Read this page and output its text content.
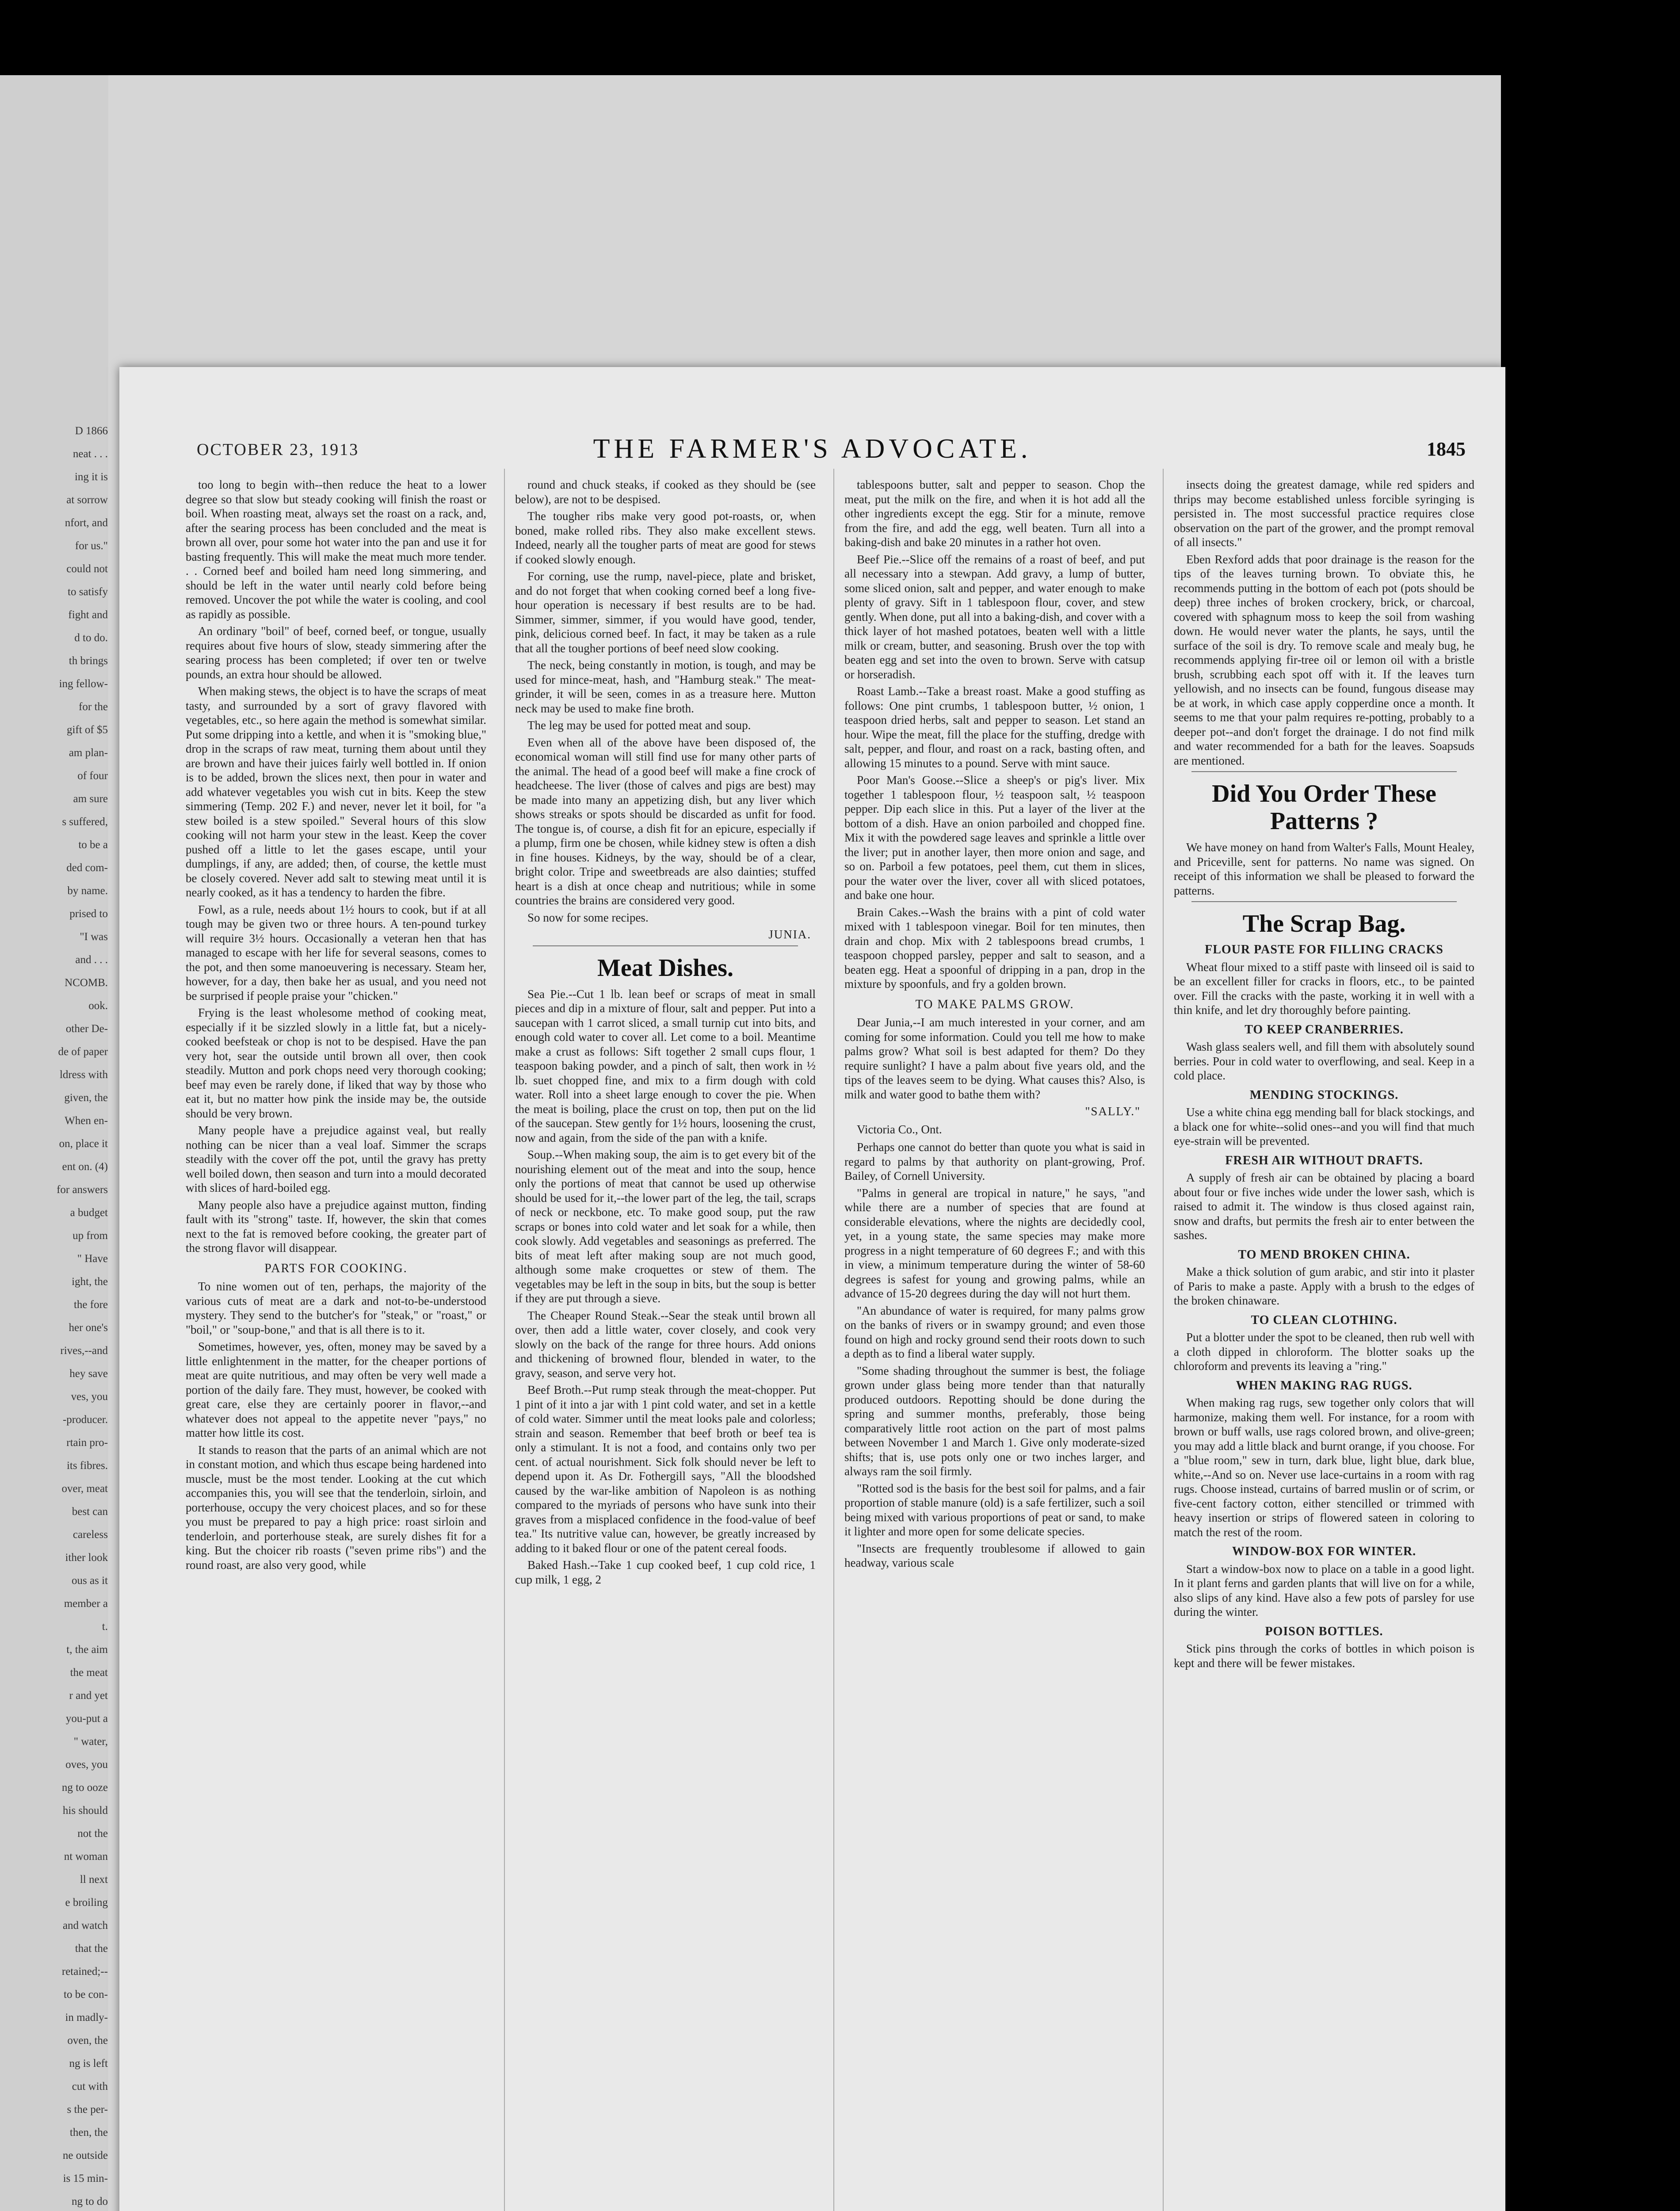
D 1866
neat . . .
ing it is
at sorrow
nfort, and
for us."
could not
to satisfy
fight and
d to do.
th brings
ing fellow-
for the
gift of $5
am plan-
of four
am sure
s suffered,
to be a
ded com-
by name.
prised to
"I was
and . . .
NCOMB.
ook.
other De-
de of paper
ldress with
given, the
When en-
on, place it
ent on. (4)
for answers
a budget
up from
" Have
ight, the
the fore
her one's
rives,--and
hey save
ves, you
-producer.
rtain pro-
its fibres.
over, meat
best can
careless
ither look
ous as it
member a
t.
t, the aim
the meat
r and yet
you-put a
" water,
oves, you
ng to ooze
his should
not the
nt woman
ll next
e broiling
and watch
that the
retained;--
to be con-
in madly-
oven, the
ng is left
cut with
s the per-
then, the
ne outside
is 15 min-
ng to do
THE FARMER'S ADVOCATE.
OCTOBER 23, 1913	1845

too long to begin with--then reduce the heat to a lower degree so that slow but steady cooking will finish the roast or boil. When roasting meat, always set the roast on a rack, and, after the searing process has been concluded and the meat is brown all over, pour some hot water into the pan and use it for basting frequently. This will make the meat much more tender. . . Corned beef and boiled ham need long simmering, and should be left in the water until nearly cold before being removed. Uncover the pot while the water is cooling, and cool as rapidly as possible.

An ordinary "boil" of beef, corned beef, or tongue, usually requires about five hours of slow, steady simmering after the searing process has been completed; if over ten or twelve pounds, an extra hour should be allowed.

When making stews, the object is to have the scraps of meat tasty, and surrounded by a sort of gravy flavored with vegetables, etc., so here again the method is somewhat similar. Put some dripping into a kettle, and when it is "smoking blue," drop in the scraps of raw meat, turning them about until they are brown and have their juices fairly well bottled in. If onion is to be added, brown the slices next, then pour in water and add whatever vegetables you wish cut in bits. Keep the stew simmering (Temp. 202 F.) and never, never let it boil, for "a stew boiled is a stew spoiled." Several hours of this slow cooking will not harm your stew in the least. Keep the cover pushed off a little to let the gases escape, until your dumplings, if any, are added; then, of course, the kettle must be closely covered. Never add salt to stewing meat until it is nearly cooked, as it has a tendency to harden the fibre.

Fowl, as a rule, needs about 1½ hours to cook, but if at all tough may be given two or three hours. A ten-pound turkey will require 3½ hours. Occasionally a veteran hen that has managed to escape with her life for several seasons, comes to the pot, and then some manoeuvering is necessary. Steam her, however, for a day, then bake her as usual, and you need not be surprised if people praise your "chicken."

Frying is the least wholesome method of cooking meat, especially if it be sizzled slowly in a little fat, but a nicely-cooked beefsteak or chop is not to be despised. Have the pan very hot, sear the outside until brown all over, then cook steadily. Mutton and pork chops need very thorough cooking; beef may even be rarely done, if liked that way by those who eat it, but no matter how pink the inside may be, the outside should be very brown.

Many people have a prejudice against veal, but really nothing can be nicer than a veal loaf. Simmer the scraps steadily with the cover off the pot, until the gravy has pretty well boiled down, then season and turn into a mould decorated with slices of hard-boiled egg.

Many people also have a prejudice against mutton, finding fault with its "strong" taste. If, however, the skin that comes next to the fat is removed before cooking, the greater part of the strong flavor will disappear.

PARTS FOR COOKING.

To nine women out of ten, perhaps, the majority of the various cuts of meat are a dark and not-to-be-understood mystery. They send to the butcher's for "steak," or "roast," or "boil," or "soup-bone," and that is all there is to it.

Sometimes, however, yes, often, money may be saved by a little enlightenment in the matter, for the cheaper portions of meat are quite nutritious, and may often be very well made a portion of the daily fare. They must, however, be cooked with great care, else they are certainly poorer in flavor,--and whatever does not appeal to the appetite never "pays," no matter how little its cost.

It stands to reason that the parts of an animal which are not in constant motion, and which thus escape being hardened into muscle, must be the most tender. Looking at the cut which accompanies this, you will see that the tenderloin, sirloin, and porterhouse, occupy the very choicest places, and so for these you must be prepared to pay a high price: roast sirloin and tenderloin, and porterhouse steak, are surely dishes fit for a king. But the choicer rib roasts ("seven prime ribs") and the round roast, are also very good, while

round and chuck steaks, if cooked as they should be (see below), are not to be despised.

The tougher ribs make very good pot-roasts, or, when boned, make rolled ribs. They also make excellent stews. Indeed, nearly all the tougher parts of meat are good for stews if cooked slowly enough.

For corning, use the rump, navel-piece, plate and brisket, and do not forget that when cooking corned beef a long five-hour operation is necessary if best results are to be had. Simmer, simmer, simmer, if you would have good, tender, pink, delicious corned beef. In fact, it may be taken as a rule that all the tougher portions of beef need slow cooking.

The neck, being constantly in motion, is tough, and may be used for mince-meat, hash, and "Hamburg steak." The meat-grinder, it will be seen, comes in as a treasure here. Mutton neck may be used to make fine broth.

The leg may be used for potted meat and soup.

Even when all of the above have been disposed of, the economical woman will still find use for many other parts of the animal. The head of a good beef will make a fine crock of headcheese. The liver (those of calves and pigs are best) may be made into many an appetizing dish, but any liver which shows streaks or spots should be discarded as unfit for food. The tongue is, of course, a dish fit for an epicure, especially if a plump, firm one be chosen, while kidney stew is often a dish in fine houses. Kidneys, by the way, should be of a clear, bright color. Tripe and sweetbreads are also dainties; stuffed heart is a dish at once cheap and nutritious; while in some countries the brains are considered very good.

So now for some recipes.

JUNIA.
Meat Dishes.

Sea Pie.--Cut 1 lb. lean beef or scraps of meat in small pieces and dip in a mixture of flour, salt and pepper. Put into a saucepan with 1 carrot sliced, a small turnip cut into bits, and enough cold water to cover all. Let come to a boil. Meantime make a crust as follows: Sift together 2 small cups flour, 1 teaspoon baking powder, and a pinch of salt, then work in ½ lb. suet chopped fine, and mix to a firm dough with cold water. Roll into a sheet large enough to cover the pie. When the meat is boiling, place the crust on top, then put on the lid of the saucepan. Stew gently for 1½ hours, loosening the crust, now and again, from the side of the pan with a knife.

Soup.--When making soup, the aim is to get every bit of the nourishing element out of the meat and into the soup, hence only the portions of meat that cannot be used up otherwise should be used for it,--the lower part of the leg, the tail, scraps of neck or neckbone, etc. To make good soup, put the raw scraps or bones into cold water and let soak for a while, then cook slowly. Add vegetables and seasonings as preferred. The bits of meat left after making soup are not much good, although some make croquettes or stew of them. The vegetables may be left in the soup in bits, but the soup is better if they are put through a sieve.

The Cheaper Round Steak.--Sear the steak until brown all over, then add a little water, cover closely, and cook very slowly on the back of the range for three hours. Add onions and thickening of browned flour, blended in water, to the gravy, season, and serve very hot.

Beef Broth.--Put rump steak through the meat-chopper. Put 1 pint of it into a jar with 1 pint cold water, and set in a kettle of cold water. Simmer until the meat looks pale and colorless; strain and season. Remember that beef broth or beef tea is only a stimulant. It is not a food, and contains only two per cent. of actual nourishment. Sick folk should never be left to depend upon it. As Dr. Fothergill says, "All the bloodshed caused by the war-like ambition of Napoleon is as nothing compared to the myriads of persons who have sunk into their graves from a misplaced confidence in the food-value of beef tea." Its nutritive value can, however, be greatly increased by adding to it baked flour or one of the patent cereal foods.

Baked Hash.--Take 1 cup cooked beef, 1 cup cold rice, 1 cup milk, 1 egg, 2

tablespoons butter, salt and pepper to season. Chop the meat, put the milk on the fire, and when it is hot add all the other ingredients except the egg. Stir for a minute, remove from the fire, and add the egg, well beaten. Turn all into a baking-dish and bake 20 minutes in a rather hot oven.

Beef Pie.--Slice off the remains of a roast of beef, and put all necessary into a stewpan. Add gravy, a lump of butter, some sliced onion, salt and pepper, and water enough to make plenty of gravy. Sift in 1 tablespoon flour, cover, and stew gently. When done, put all into a baking-dish, and cover with a thick layer of hot mashed potatoes, beaten well with a little milk or cream, butter, and seasoning. Brush over the top with beaten egg and set into the oven to brown. Serve with catsup or horseradish.

Roast Lamb.--Take a breast roast. Make a good stuffing as follows: One pint crumbs, 1 tablespoon butter, ½ onion, 1 teaspoon dried herbs, salt and pepper to season. Let stand an hour. Wipe the meat, fill the place for the stuffing, dredge with salt, pepper, and flour, and roast on a rack, basting often, and allowing 15 minutes to a pound. Serve with mint sauce.

Poor Man's Goose.--Slice a sheep's or pig's liver. Mix together 1 tablespoon flour, ½ teaspoon salt, ½ teaspoon pepper. Dip each slice in this. Put a layer of the liver at the bottom of a dish. Have an onion parboiled and chopped fine. Mix it with the powdered sage leaves and sprinkle a little over the liver; put in another layer, then more onion and sage, and so on. Parboil a few potatoes, peel them, cut them in slices, pour the water over the liver, cover all with sliced potatoes, and bake one hour.

Brain Cakes.--Wash the brains with a pint of cold water mixed with 1 tablespoon vinegar. Boil for ten minutes, then drain and chop. Mix with 2 tablespoons bread crumbs, 1 teaspoon chopped parsley, pepper and salt to season, and a beaten egg. Heat a spoonful of dripping in a pan, drop in the mixture by spoonfuls, and fry a golden brown.

TO MAKE PALMS GROW.

Dear Junia,--I am much interested in your corner, and am coming for some information. Could you tell me how to make palms grow? What soil is best adapted for them? Do they require sunlight? I have a palm about five years old, and the tips of the leaves seem to be dying. What causes this? Also, is milk and water good to bathe them with?

"SALLY."

Victoria Co., Ont.

Perhaps one cannot do better than quote you what is said in regard to palms by that authority on plant-growing, Prof. Bailey, of Cornell University.

"Palms in general are tropical in nature," he says, "and while there are a number of species that are found at considerable elevations, where the nights are decidedly cool, yet, in a young state, the same species may make more progress in a night temperature of 60 degrees F.; and with this in view, a minimum temperature during the winter of 58-60 degrees is safest for young and growing palms, while an advance of 15-20 degrees during the day will not hurt them.

"An abundance of water is required, for many palms grow on the banks of rivers or in swampy ground; and even those found on high and rocky ground send their roots down to such a depth as to find a liberal water supply.

"Some shading throughout the summer is best, the foliage grown under glass being more tender than that naturally produced outdoors. Repotting should be done during the spring and summer months, preferably, those being comparatively little root action on the part of most palms between November 1 and March 1. Give only moderate-sized shifts; that is, use pots only one or two inches larger, and always ram the soil firmly.

"Rotted sod is the basis for the best soil for palms, and a fair proportion of stable manure (old) is a safe fertilizer, such a soil being mixed with various proportions of peat or sand, to make it lighter and more open for some delicate species.

"Insects are frequently troublesome if allowed to gain headway, various scale

insects doing the greatest damage, while red spiders and thrips may become established unless forcible syringing is persisted in. The most successful practice requires close observation on the part of the grower, and the prompt removal of all insects."

Eben Rexford adds that poor drainage is the reason for the tips of the leaves turning brown. To obviate this, he recommends putting in the bottom of each pot (pots should be deep) three inches of broken crockery, brick, or charcoal, covered with sphagnum moss to keep the soil from washing down. He would never water the plants, he says, until the surface of the soil is dry. To remove scale and mealy bug, he recommends applying fir-tree oil or lemon oil with a bristle brush, scrubbing each spot off with it. If the leaves turn yellowish, and no insects can be found, fungous disease may be at work, in which case apply copperdine once a month. It seems to me that your palm requires re-potting, probably to a deeper pot--and don't forget the drainage. I do not find milk and water recommended for a bath for the leaves. Soapsuds are mentioned.

Did You Order These Patterns ?

We have money on hand from Walter's Falls, Mount Healey, and Priceville, sent for patterns. No name was signed. On receipt of this information we shall be pleased to forward the patterns.

The Scrap Bag.
FLOUR PASTE FOR FILLING CRACKS

Wheat flour mixed to a stiff paste with linseed oil is said to be an excellent filler for cracks in floors, etc., to be painted over. Fill the cracks with the paste, working it in well with a thin knife, and let dry thoroughly before painting.

TO KEEP CRANBERRIES.

Wash glass sealers well, and fill them with absolutely sound berries. Pour in cold water to overflowing, and seal. Keep in a cold place.

MENDING STOCKINGS.

Use a white china egg mending ball for black stockings, and a black one for white--solid ones--and you will find that much eye-strain will be prevented.

FRESH AIR WITHOUT DRAFTS.

A supply of fresh air can be obtained by placing a board about four or five inches wide under the lower sash, which is raised to admit it. The window is thus closed against rain, snow and drafts, but permits the fresh air to enter between the sashes.

TO MEND BROKEN CHINA.

Make a thick solution of gum arabic, and stir into it plaster of Paris to make a paste. Apply with a brush to the edges of the broken chinaware.

TO CLEAN CLOTHING.

Put a blotter under the spot to be cleaned, then rub well with a cloth dipped in chloroform. The blotter soaks up the chloroform and prevents its leaving a "ring."

WHEN MAKING RAG RUGS.

When making rag rugs, sew together only colors that will harmonize, making them well. For instance, for a room with brown or buff walls, use rags colored brown, and olive-green; you may add a little black and burnt orange, if you choose. For a "blue room," sew in turn, dark blue, light blue, dark blue, white,--And so on. Never use lace-curtains in a room with rag rugs. Choose instead, curtains of barred muslin or of scrim, or five-cent factory cotton, either stencilled or trimmed with heavy insertion or strips of flowered sateen in coloring to match the rest of the room.

WINDOW-BOX FOR WINTER.

Start a window-box now to place on a table in a good light. In it plant ferns and garden plants that will live on for a while, also slips of any kind. Have also a few pots of parsley for use during the winter.

POISON BOTTLES.

Stick pins through the corks of bottles in which poison is kept and there will be fewer mistakes.
